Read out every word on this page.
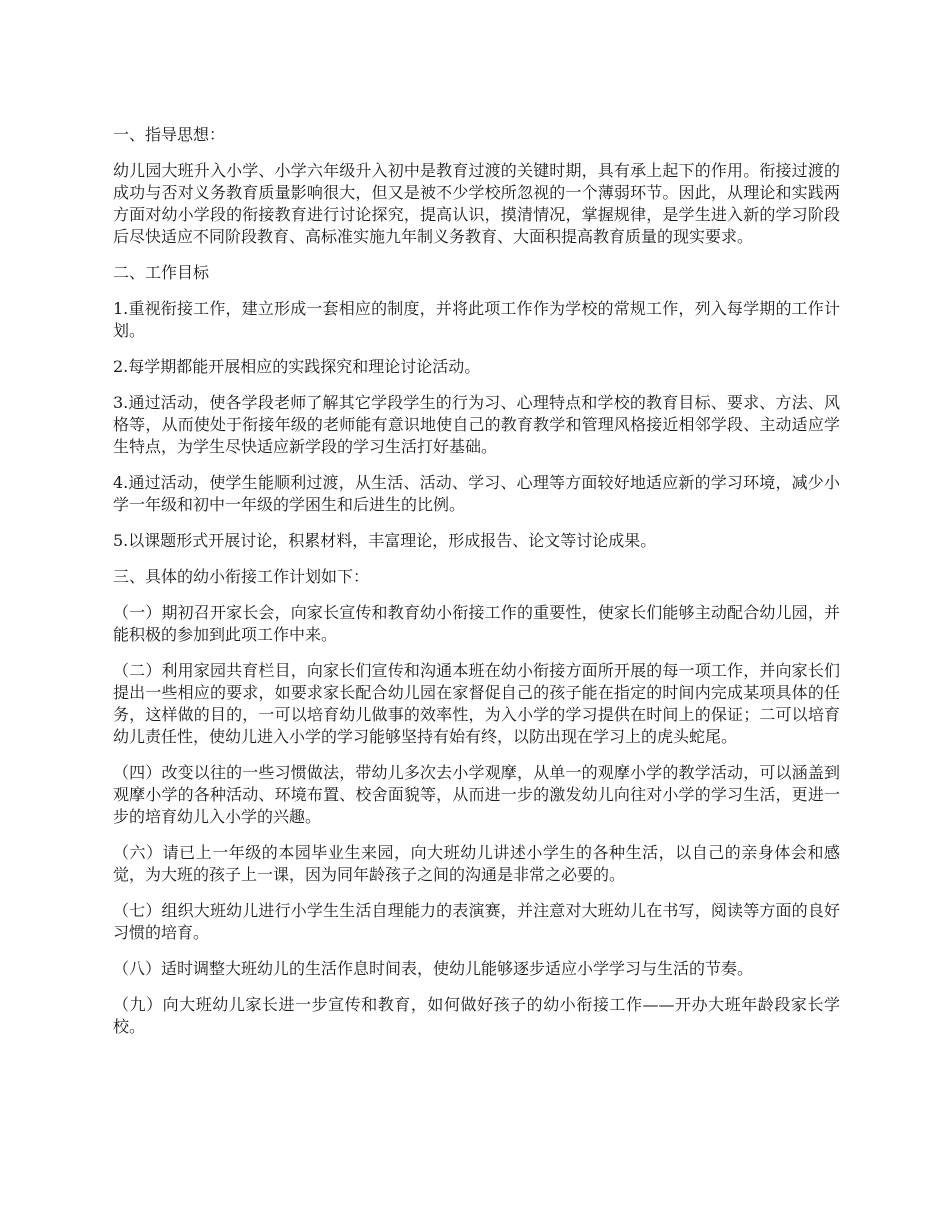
一、指导思想：

幼儿园大班升入小学、小学六年级升入初中是教育过渡的关键时期，具有承上起下的作用。衔接过渡的成功与否对义务教育质量影响很大，但又是被不少学校所忽视的一个薄弱环节。因此，从理论和实践两方面对幼小学段的衔接教育进行讨论探究，提高认识，摸清情况，掌握规律，是学生进入新的学习阶段后尽快适应不同阶段教育、高标准实施九年制义务教育、大面积提高教育质量的现实要求。

二、工作目标

1.重视衔接工作，建立形成一套相应的制度，并将此项工作作为学校的常规工作，列入每学期的工作计划。

2.每学期都能开展相应的实践探究和理论讨论活动。

3.通过活动，使各学段老师了解其它学段学生的行为习、心理特点和学校的教育目标、要求、方法、风格等，从而使处于衔接年级的老师能有意识地使自己的教育教学和管理风格接近相邻学段、主动适应学生特点，为学生尽快适应新学段的学习生活打好基础。

4.通过活动，使学生能顺利过渡，从生活、活动、学习、心理等方面较好地适应新的学习环境，减少小学一年级和初中一年级的学困生和后进生的比例。

5.以课题形式开展讨论，积累材料，丰富理论，形成报告、论文等讨论成果。

三、具体的幼小衔接工作计划如下：

（一）期初召开家长会，向家长宣传和教育幼小衔接工作的重要性，使家长们能够主动配合幼儿园，并能积极的参加到此项工作中来。

（二）利用家园共育栏目，向家长们宣传和沟通本班在幼小衔接方面所开展的每一项工作，并向家长们提出一些相应的要求，如要求家长配合幼儿园在家督促自己的孩子能在指定的时间内完成某项具体的任务，这样做的目的，一可以培育幼儿做事的效率性，为入小学的学习提供在时间上的保证；二可以培育幼儿责任性，使幼儿进入小学的学习能够坚持有始有终，以防出现在学习上的虎头蛇尾。

（四）改变以往的一些习惯做法，带幼儿多次去小学观摩，从单一的观摩小学的教学活动，可以涵盖到观摩小学的各种活动、环境布置、校舍面貌等，从而进一步的激发幼儿向往对小学的学习生活，更进一步的培育幼儿入小学的兴趣。

（六）请已上一年级的本园毕业生来园，向大班幼儿讲述小学生的各种生活，以自己的亲身体会和感觉，为大班的孩子上一课，因为同年龄孩子之间的沟通是非常之必要的。

（七）组织大班幼儿进行小学生生活自理能力的表演赛，并注意对大班幼儿在书写，阅读等方面的良好习惯的培育。

（八）适时调整大班幼儿的生活作息时间表，使幼儿能够逐步适应小学学习与生活的节奏。

（九）向大班幼儿家长进一步宣传和教育，如何做好孩子的幼小衔接工作——开办大班年龄段家长学校。
